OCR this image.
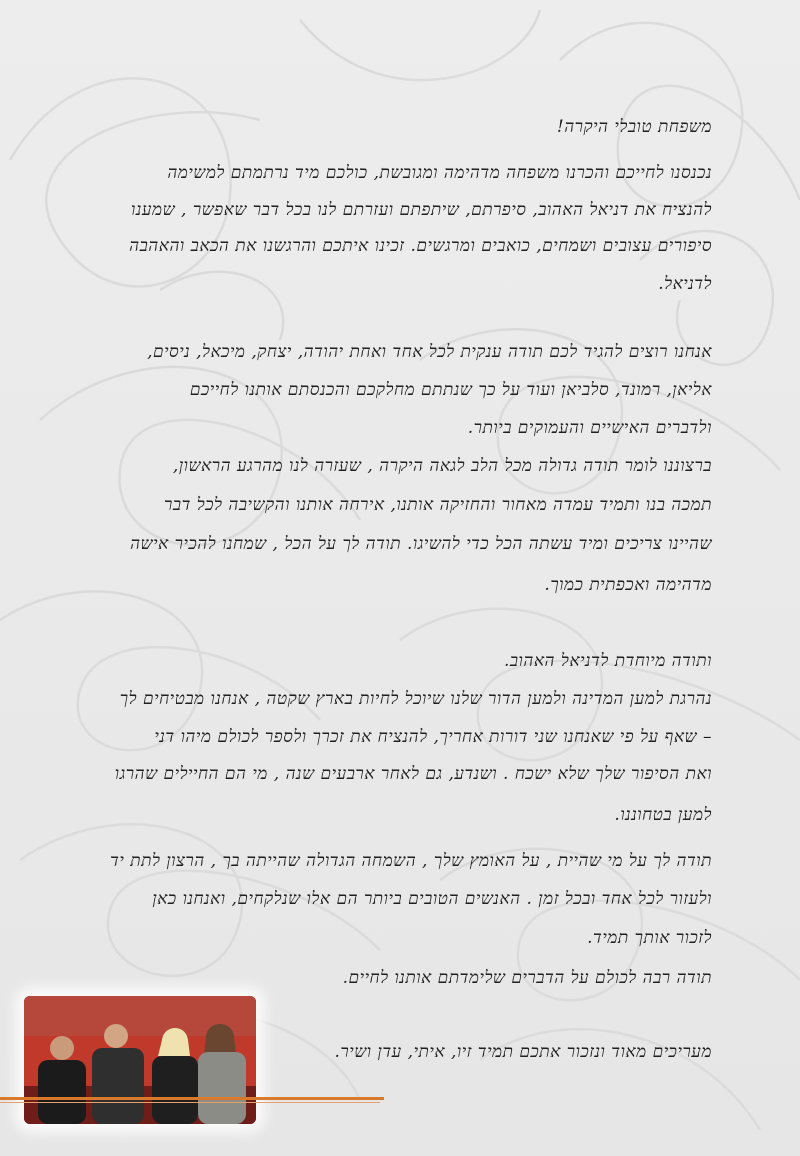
משפחת טובלי היקרה!
נכנסנו לחייכם והכרנו משפחה מדהימה ומגובשת, כולכם מיד נרתמתם למשימה
להנציח את דניאל האהוב, סיפרתם, שיתפתם ועזרתם לנו בכל דבר שאפשר , שמענו
סיפורים עצובים ושמחים, כואבים ומרגשים. זכינו איתכם והרגשנו את הכאב והאהבה
לדניאל.
אנחנו רוצים להגיד לכם תודה ענקית לכל אחד ואחת יהודה, יצחק, מיכאל, ניסים,
אליאן, רמונד, סלביאן ועוד על כך שנתתם מחלקכם והכנסתם אותנו לחייכם
ולדברים האישיים והעמוקים ביותר.
ברצוננו לומר תודה גדולה מכל הלב לגאה היקרה , שעזרה לנו מהרגע הראשון,
תמכה בנו ותמיד עמדה מאחור והחזיקה אותנו, אירחה אותנו והקשיבה לכל דבר
שהיינו צריכים ומיד עשתה הכל כדי להשיגו. תודה לך על הכל , שמחנו להכיר אישה
מדהימה ואכפתית כמוך.
ותודה מיוחדת לדניאל האהוב.
נהרגת למען המדינה ולמען הדור שלנו שיוכל לחיות בארץ שקטה , אנחנו מבטיחים לך
– שאף על פי שאנחנו שני דורות אחריך, להנציח את זכרך ולספר לכולם מיהו דני
ואת הסיפור שלך שלא ישכח . ושנדע, גם לאחר ארבעים שנה , מי הם החיילים שהרגו
למען בטחוננו.
תודה לך על מי שהיית , על האומץ שלך , השמחה הגדולה שהייתה בך , הרצון לתת יד
ולעזור לכל אחד ובכל זמן . האנשים הטובים ביותר הם אלו שנלקחים, ואנחנו כאן
לזכור אותך תמיד.
תודה רבה לכולם על הדברים שלימדתם אותנו לחיים.
מעריכים מאוד ונזכור אתכם תמיד זיו, איתי, עדן ושיר.
